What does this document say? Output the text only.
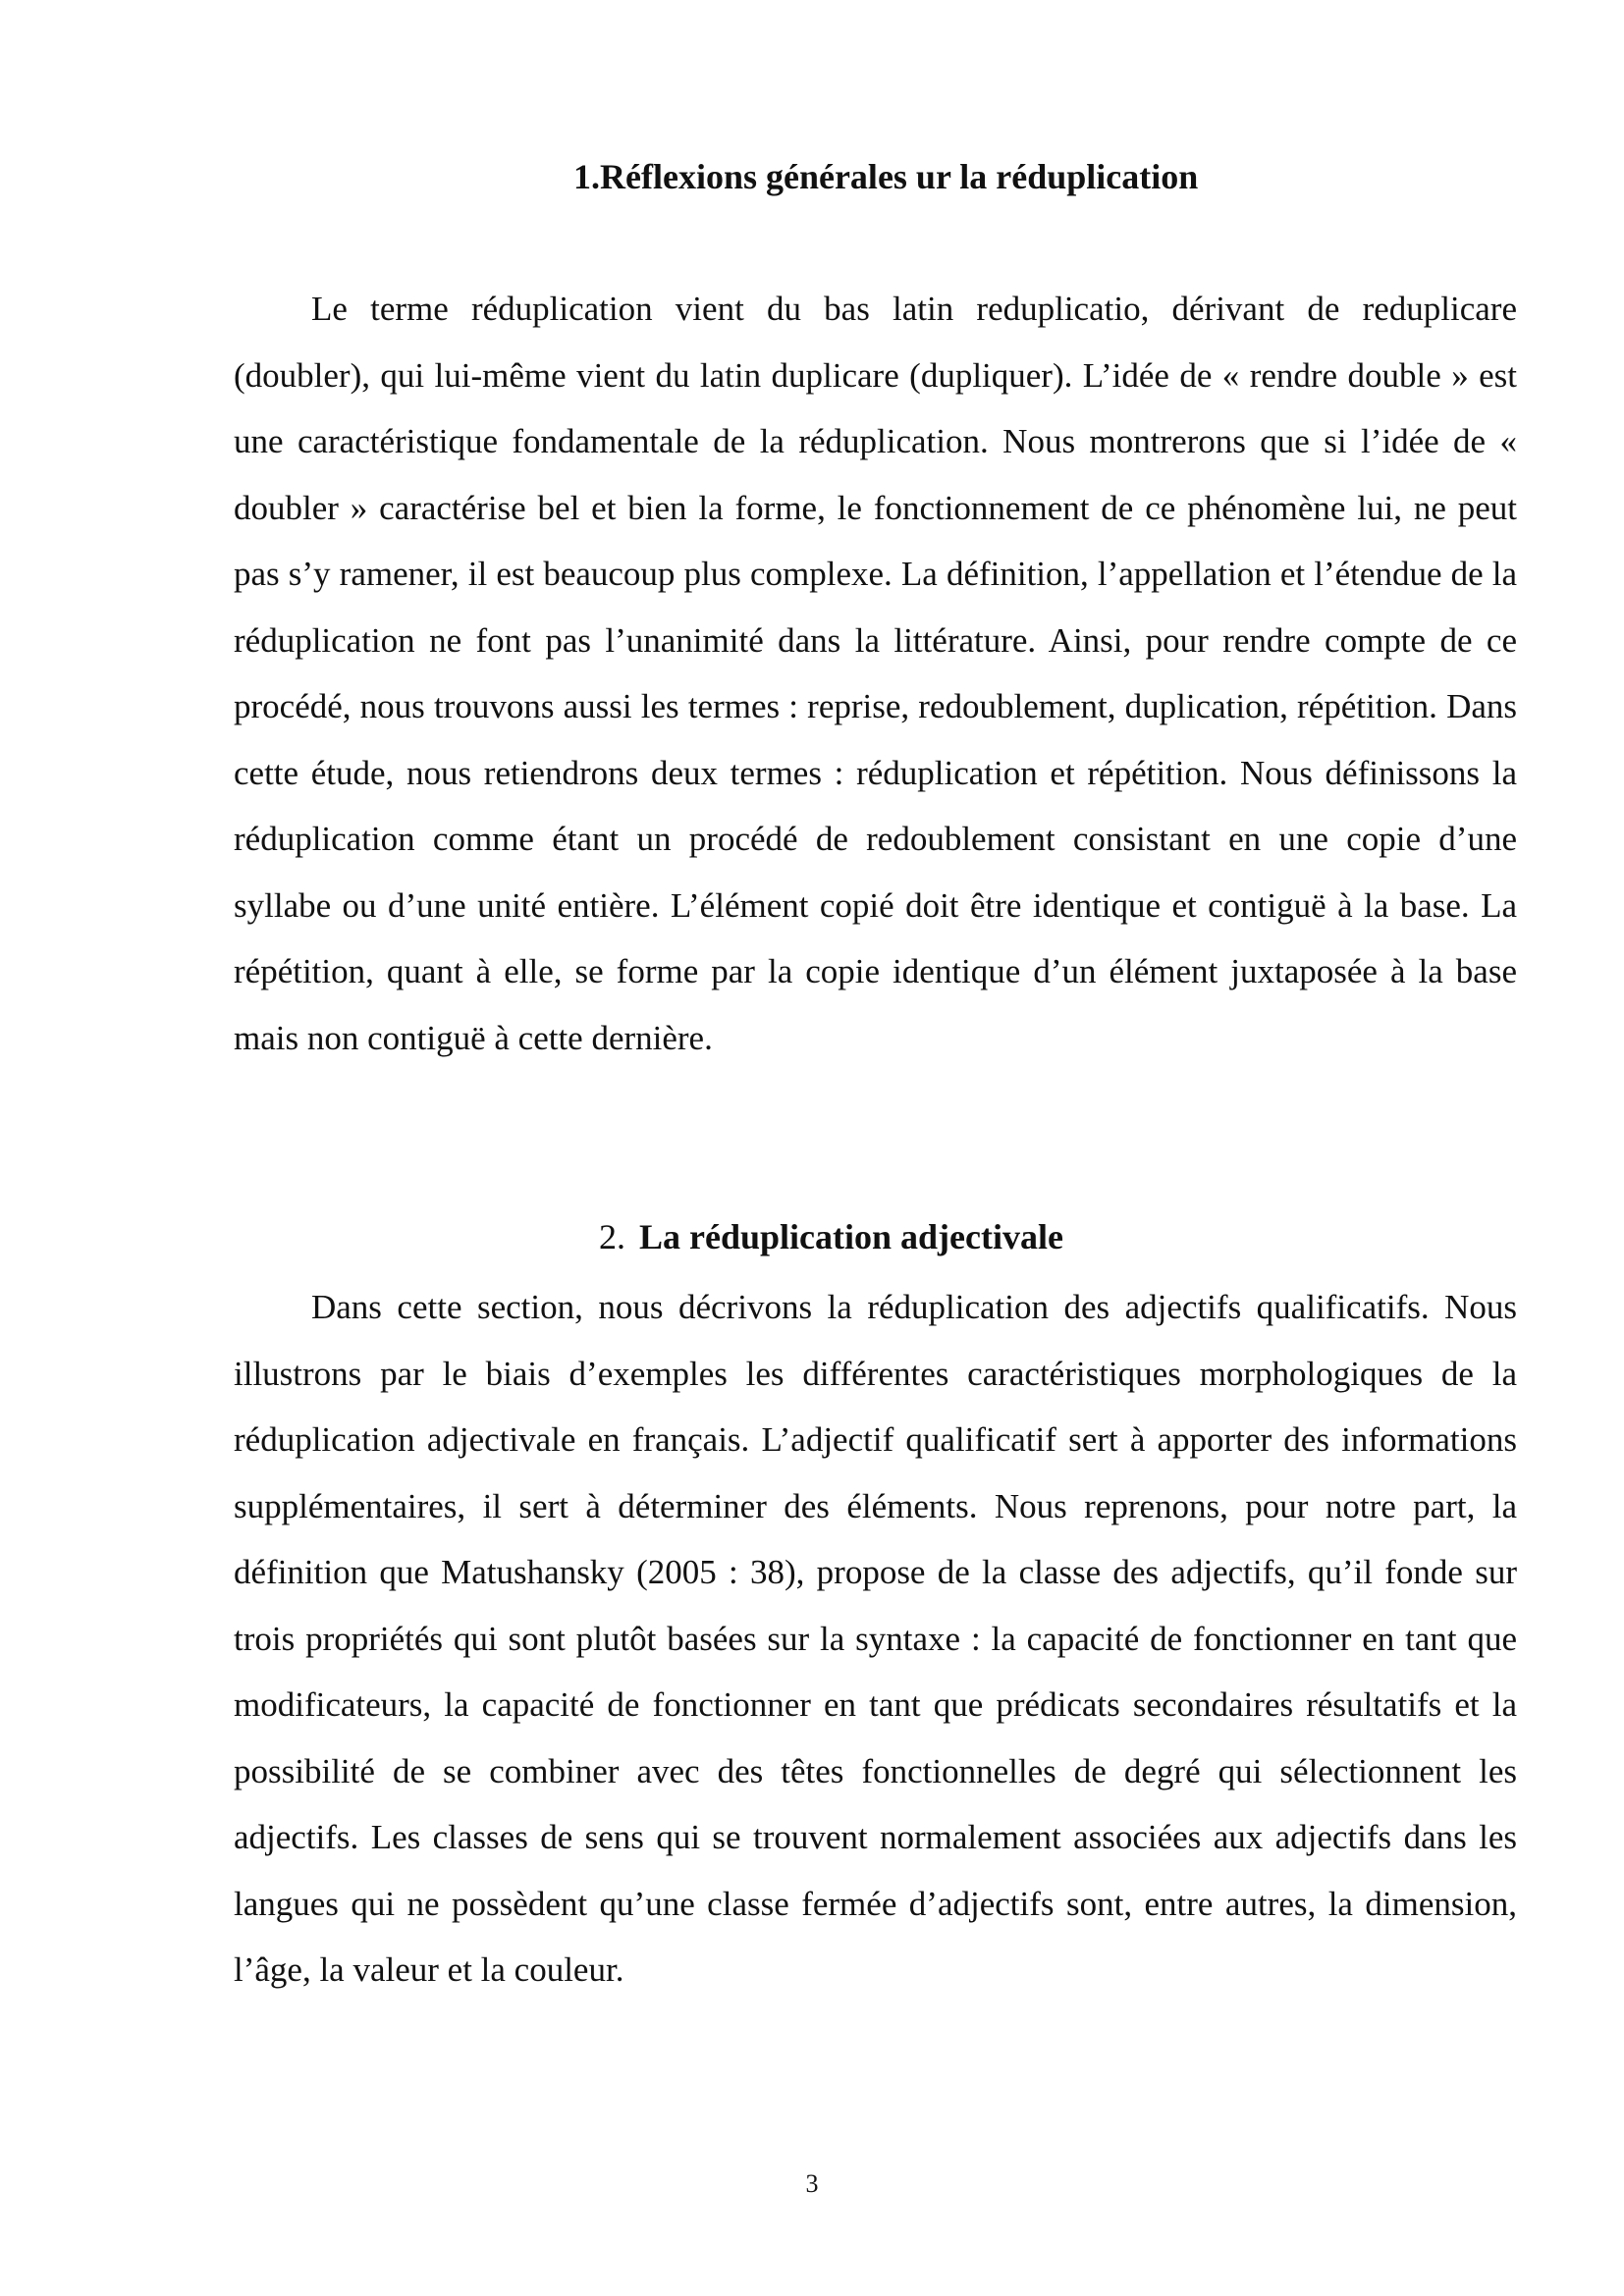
1.Réflexions générales ur la réduplication

Le terme réduplication vient du bas latin reduplicatio, dérivant de reduplicare (doubler), qui lui-même vient du latin duplicare (dupliquer). L’idée de « rendre double » est une caractéristique fondamentale de la réduplication. Nous montrerons que si l’idée de « doubler » caractérise bel et bien la forme, le fonctionnement de ce phénomène lui, ne peut pas s’y ramener, il est beaucoup plus complexe. La définition, l’appellation et l’étendue de la réduplication ne font pas l’unanimité dans la littérature. Ainsi, pour rendre compte de ce procédé, nous trouvons aussi les termes : reprise, redoublement, duplication, répétition. Dans cette étude, nous retiendrons deux termes : réduplication et répétition. Nous définissons la réduplication comme étant un procédé de redoublement consistant en une copie d’une syllabe ou d’une unité entière. L’élément copié doit être identique et contiguë à la base. La répétition, quant à elle, se forme par la copie identique d’un élément juxtaposée à la base mais non contiguë à cette dernière.

2. La réduplication adjectivale

Dans cette section, nous décrivons la réduplication des adjectifs qualificatifs. Nous illustrons par le biais d’exemples les différentes caractéristiques morphologiques de la réduplication adjectivale en français. L’adjectif qualificatif sert à apporter des informations supplémentaires, il sert à déterminer des éléments. Nous reprenons, pour notre part, la définition que Matushansky (2005 : 38), propose de la classe des adjectifs, qu’il fonde sur trois propriétés qui sont plutôt basées sur la syntaxe : la capacité de fonctionner en tant que modificateurs, la capacité de fonctionner en tant que prédicats secondaires résultatifs et la possibilité de se combiner avec des têtes fonctionnelles de degré qui sélectionnent les adjectifs. Les classes de sens qui se trouvent normalement associées aux adjectifs dans les langues qui ne possèdent qu’une classe fermée d’adjectifs sont, entre autres, la dimension, l’âge, la valeur et la couleur.

3
